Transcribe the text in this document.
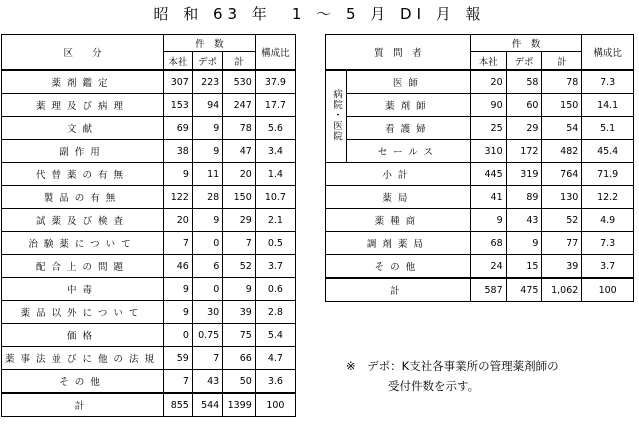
昭 和 63 年　1 ～ 5 月 DI 月 報
区　　分	件　数			構成比
	本社	デポ	計	
薬剤鑑定	307	223	530	37.9
薬理及び病理	153	94	247	17.7
文献	69	9	78	5.6
副作用	38	9	47	3.4
代替薬の有無	9	11	20	1.4
製品の有無	122	28	150	10.7
試薬及び検査	20	9	29	2.1
治験薬について	7	0	7	0.5
配合上の問題	46	6	52	3.7
中毒	9	0	9	0.6
薬品以外について	9	30	39	2.8
価格	0	0.75	75	5.4
薬事法並びに他の法規	59	7	66	4.7
その他	7	43	50	3.6
計	855	544	1399	100
質　問　者		件　数			構成比
		本社	デポ	計	
病院・医院	医師	20	58	78	7.3
	薬剤師	90	60	150	14.1
	看護婦	25	29	54	5.1
	セールス	310	172	482	45.4
小計		445	319	764	71.9
薬局		41	89	130	12.2
薬種商		9	43	52	4.9
調剤薬局		68	9	77	7.3
その他		24	15	39	3.7
計		587	475	1,062	100
※　デポ：K支社各事業所の管理薬剤師の
受付件数を示す。
